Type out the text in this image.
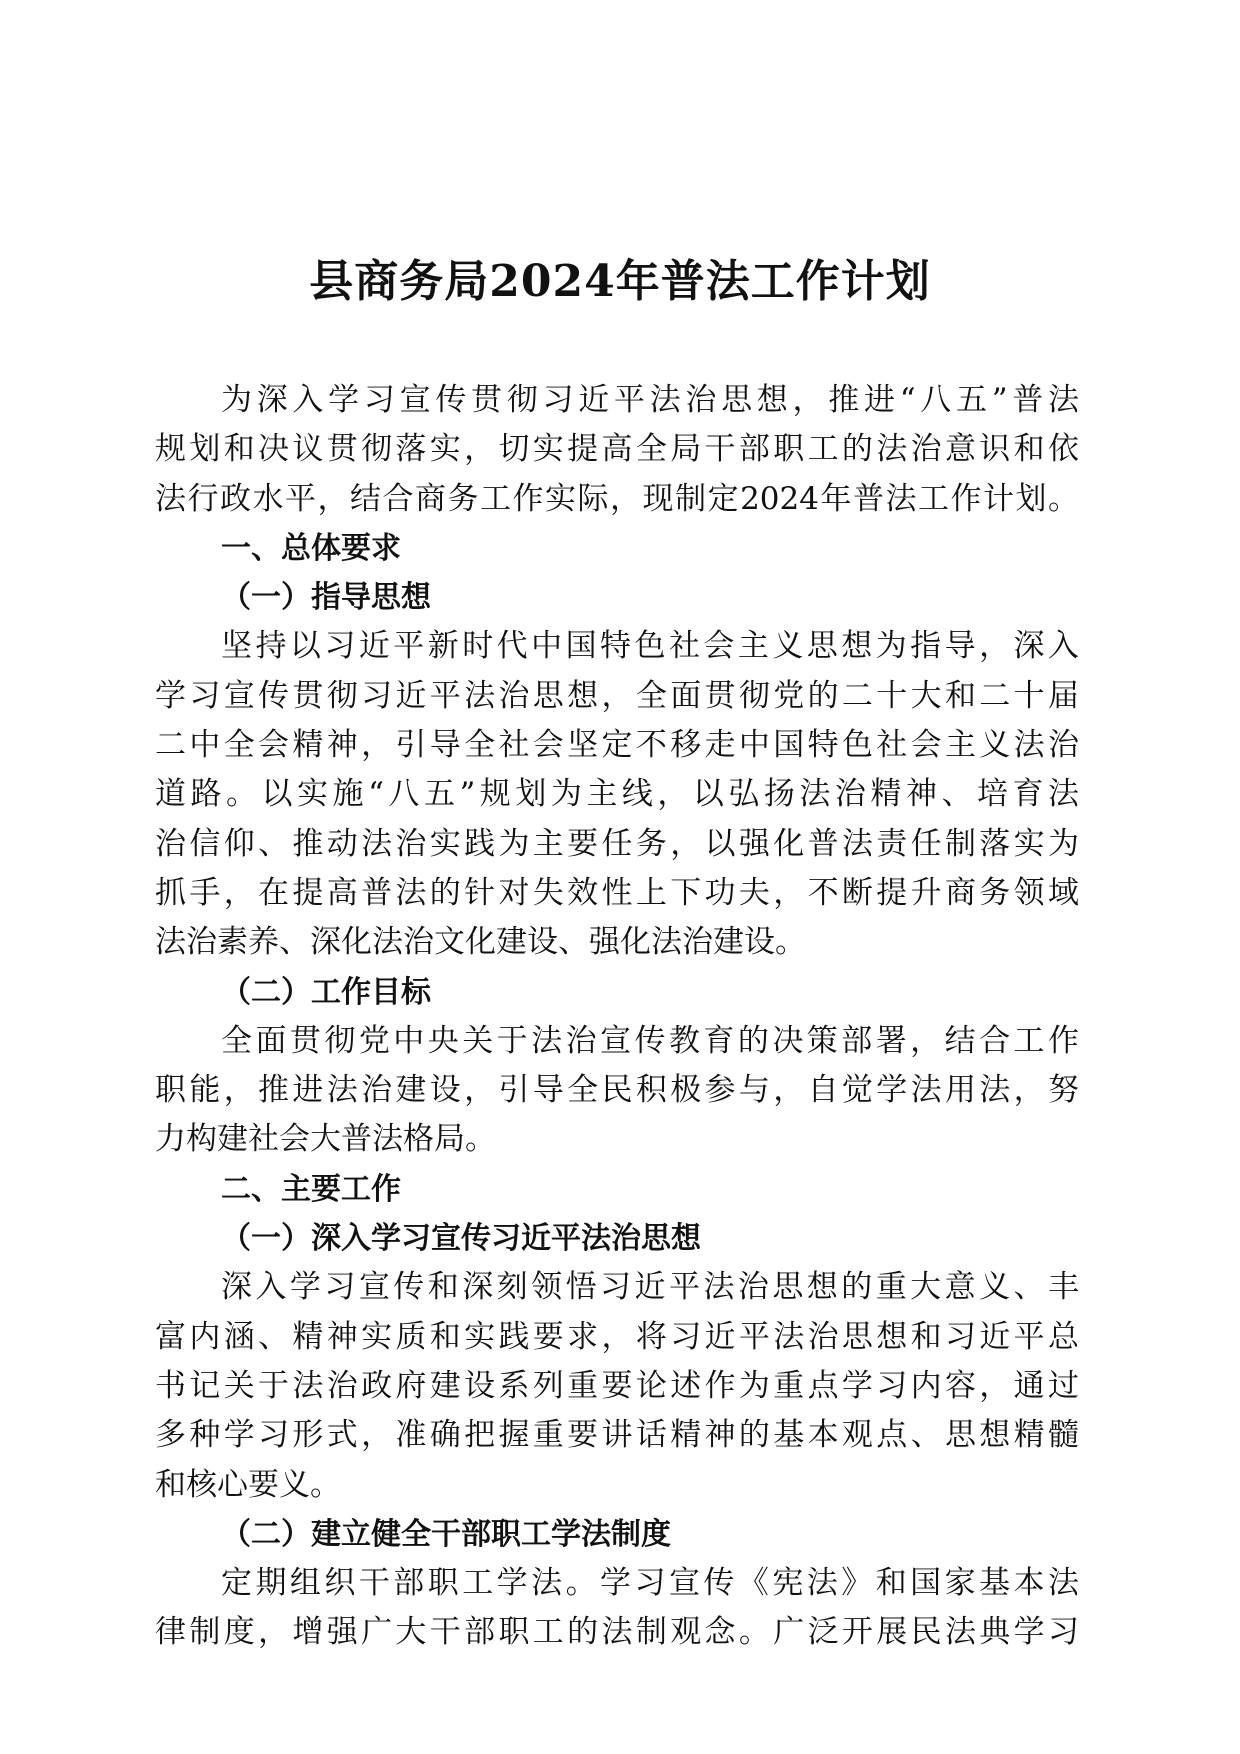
县商务局2024年普法工作计划
为深入学习宣传贯彻习近平法治思想，推进“八五”普法
规划和决议贯彻落实，切实提高全局干部职工的法治意识和依
法行政水平，结合商务工作实际，现制定2024年普法工作计划。
一、总体要求
（一）指导思想
坚持以习近平新时代中国特色社会主义思想为指导，深入
学习宣传贯彻习近平法治思想，全面贯彻党的二十大和二十届
二中全会精神，引导全社会坚定不移走中国特色社会主义法治
道路。以实施“八五”规划为主线，以弘扬法治精神、培育法
治信仰、推动法治实践为主要任务，以强化普法责任制落实为
抓手，在提高普法的针对失效性上下功夫，不断提升商务领域
法治素养、深化法治文化建设、强化法治建设。
（二）工作目标
全面贯彻党中央关于法治宣传教育的决策部署，结合工作
职能，推进法治建设，引导全民积极参与，自觉学法用法，努
力构建社会大普法格局。
二、主要工作
（一）深入学习宣传习近平法治思想
深入学习宣传和深刻领悟习近平法治思想的重大意义、丰
富内涵、精神实质和实践要求，将习近平法治思想和习近平总
书记关于法治政府建设系列重要论述作为重点学习内容，通过
多种学习形式，准确把握重要讲话精神的基本观点、思想精髓
和核心要义。
（二）建立健全干部职工学法制度
定期组织干部职工学法。学习宣传《宪法》和国家基本法
律制度，增强广大干部职工的法制观念。广泛开展民法典学习
